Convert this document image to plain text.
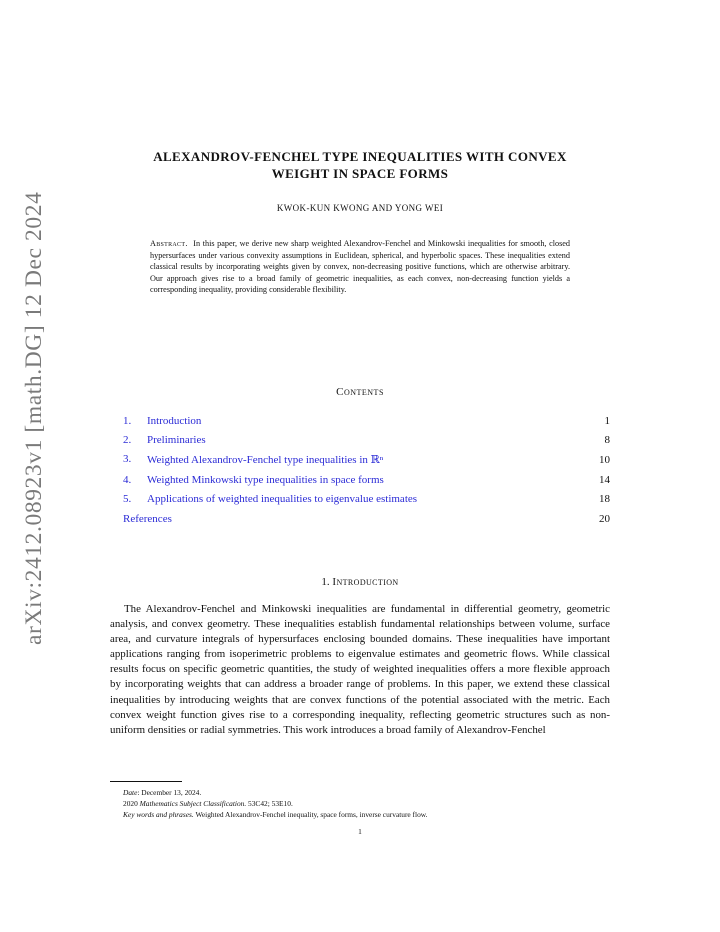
arXiv:2412.08923v1 [math.DG] 12 Dec 2024
ALEXANDROV-FENCHEL TYPE INEQUALITIES WITH CONVEX
WEIGHT IN SPACE FORMS
KWOK-KUN KWONG AND YONG WEI
Abstract. In this paper, we derive new sharp weighted Alexandrov-Fenchel and Minkowski inequalities for smooth, closed hypersurfaces under various convexity assumptions in Euclidean, spherical, and hyperbolic spaces. These inequalities extend classical results by incorporating weights given by convex, non-decreasing positive functions, which are otherwise arbitrary. Our approach gives rise to a broad family of geometric inequalities, as each convex, non-decreasing function yields a corresponding inequality, providing considerable flexibility.
Contents
1.	Introduction	1
2.	Preliminaries	8
3.	Weighted Alexandrov-Fenchel type inequalities in ℝⁿ	10
4.	Weighted Minkowski type inequalities in space forms	14
5.	Applications of weighted inequalities to eigenvalue estimates	18
References	20
1. Introduction
The Alexandrov-Fenchel and Minkowski inequalities are fundamental in differential geometry, geometric analysis, and convex geometry. These inequalities establish fundamental relationships between volume, surface area, and curvature integrals of hypersurfaces enclosing bounded domains. These inequalities have important applications ranging from isoperimetric problems to eigenvalue estimates and geometric flows. While classical results focus on specific geometric quantities, the study of weighted inequalities offers a more flexible approach by incorporating weights that can address a broader range of problems. In this paper, we extend these classical inequalities by introducing weights that are convex functions of the potential associated with the metric. Each convex weight function gives rise to a corresponding inequality, reflecting geometric structures such as non-uniform densities or radial symmetries. This work introduces a broad family of Alexandrov-Fenchel
Date: December 13, 2024.
2020 Mathematics Subject Classification. 53C42; 53E10.
Key words and phrases. Weighted Alexandrov-Fenchel inequality, space forms, inverse curvature flow.
1
